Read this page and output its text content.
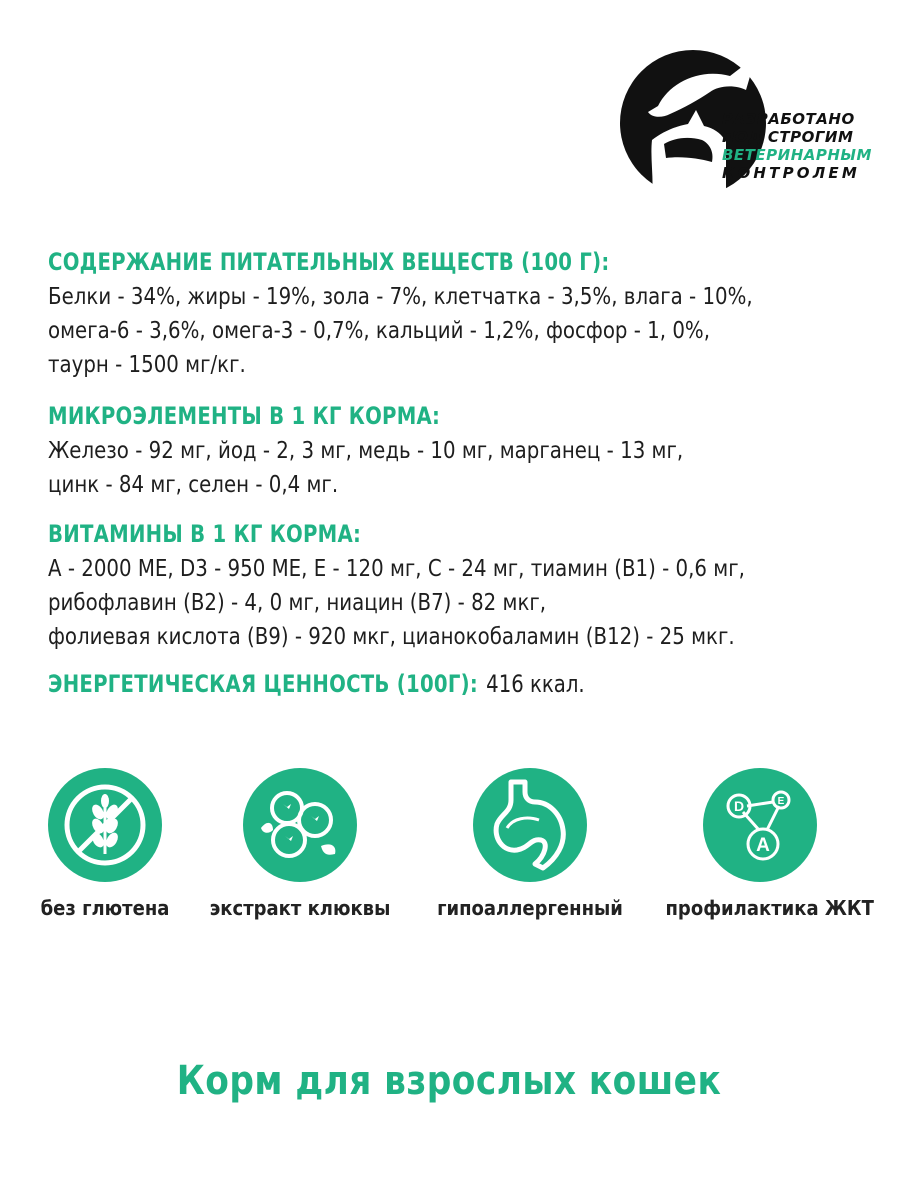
РАЗРАБОТАНО
ПОД СТРОГИМ
ВЕТЕРИНАРНЫМ
КОНТРОЛЕМ
СОДЕРЖАНИЕ ПИТАТЕЛЬНЫХ ВЕЩЕСТВ (100 Г):
Белки - 34%, жиры - 19%, зола - 7%, клетчатка - 3,5%, влага - 10%,
омега-6 - 3,6%, омега-3 - 0,7%, кальций - 1,2%, фосфор - 1, 0%,
таурн - 1500 мг/кг.
МИКРОЭЛЕМЕНТЫ В 1 КГ КОРМА:
Железо - 92 мг, йод - 2, 3 мг, медь - 10 мг, марганец - 13 мг,
цинк - 84 мг, селен - 0,4 мг.
ВИТАМИНЫ В 1 КГ КОРМА:
А - 2000 МЕ, D3 - 950 МЕ, Е - 120 мг, С - 24 мг, тиамин (В1) - 0,6 мг,
рибофлавин (В2) - 4, 0 мг, ниацин (В7) - 82 мкг,
фолиевая кислота (В9) - 920 мкг, цианокобаламин (В12) - 25 мкг.
ЭНЕРГЕТИЧЕСКАЯ ЦЕННОСТЬ (100Г): 416 ккал.
без глютена	экстракт клюквы гипоаллергенный
D	E
A
профилактика ЖКТ
Корм для взрослых кошек
